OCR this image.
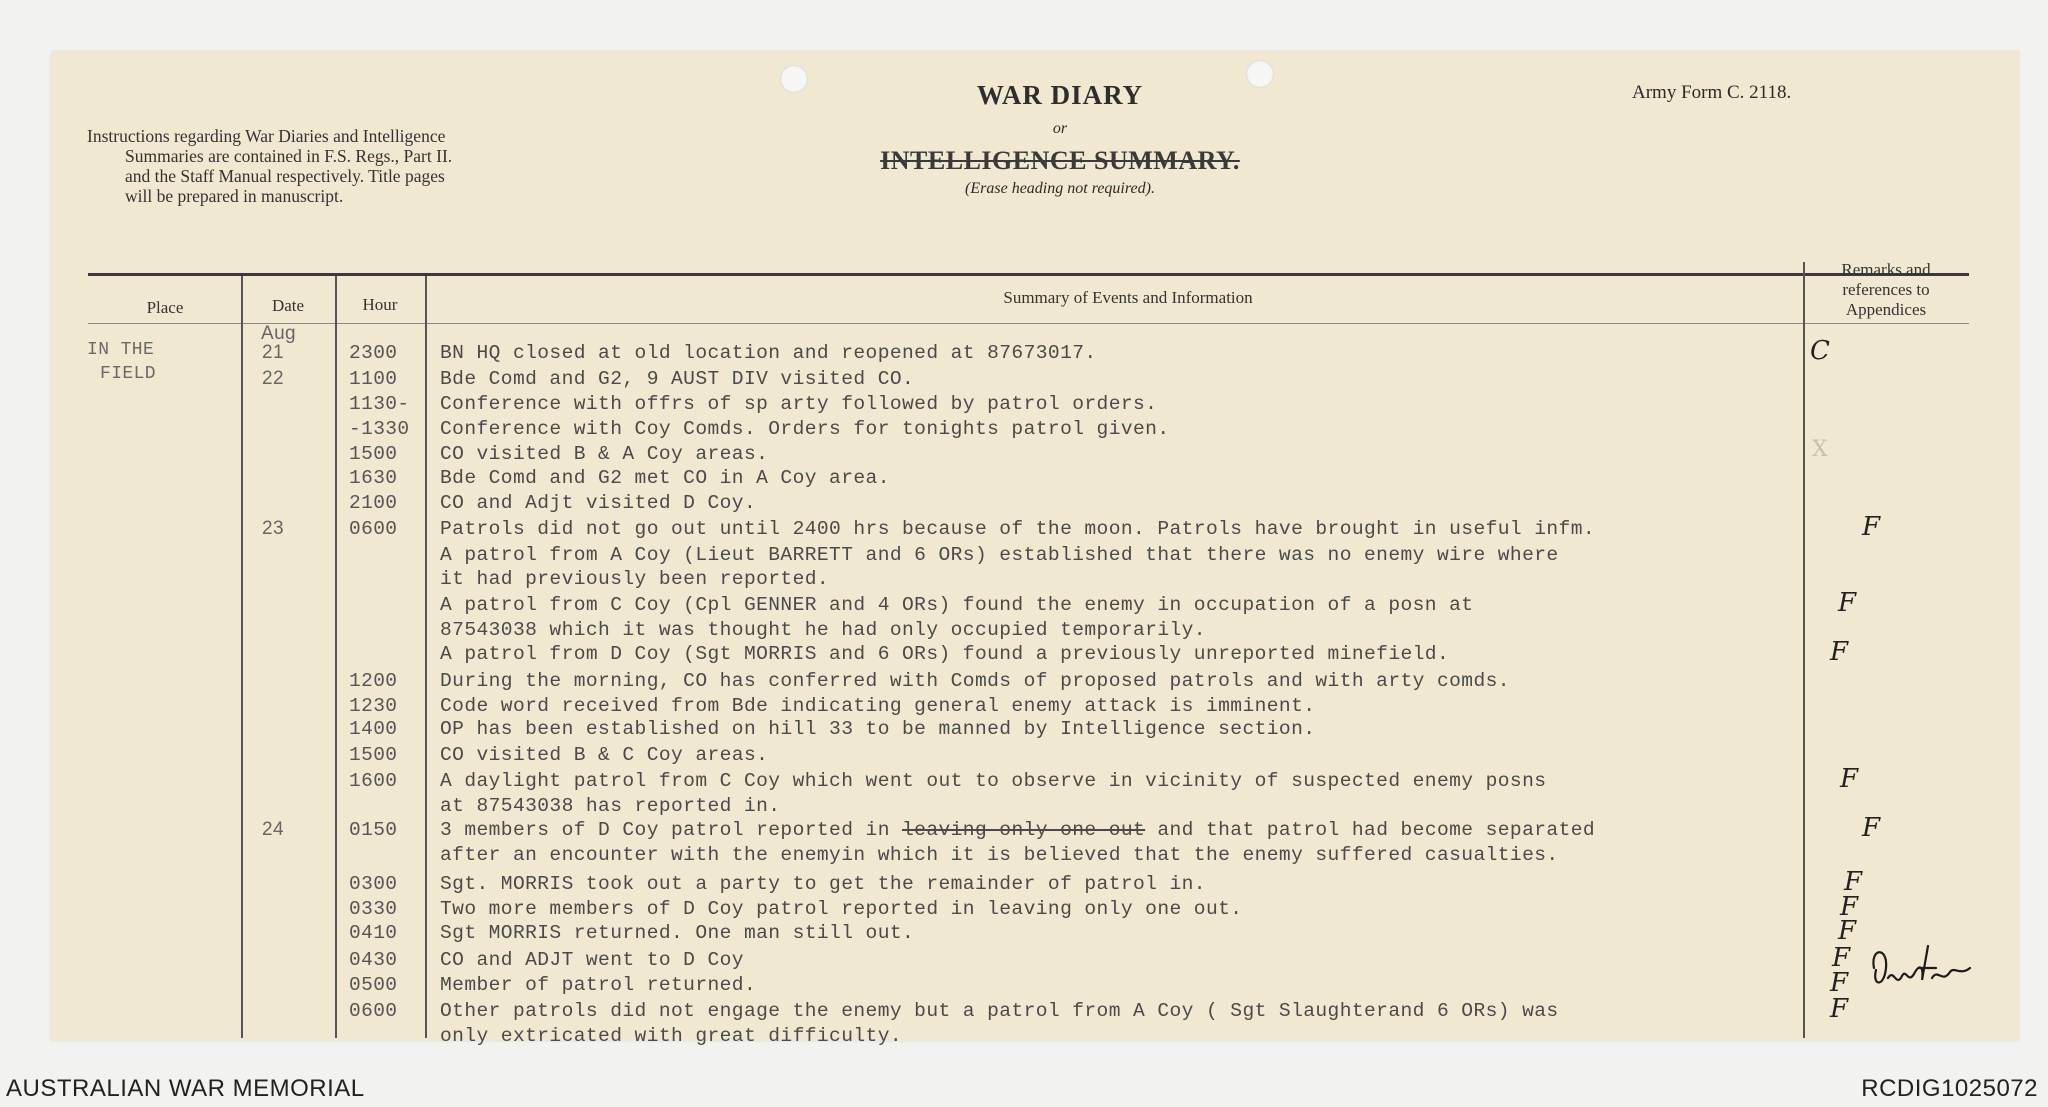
Instructions regarding War Diaries and Intelligence
Summaries are contained in F.S. Regs., Part II.
and the Staff Manual respectively. Title pages
will be prepared in manuscript.
WAR DIARY
or
INTELLIGENCE SUMMARY.
(Erase heading not required).
Army Form C. 2118.
Place	Date	Hour	Summary of Events and Information
Remarks and
references to
Appendices
IN THE
FIELD
Aug
21	2300 BN HQ closed at old location and reopened at 87673017.	C
22	1100 Bde Comd and G2, 9 AUST DIV visited CO.
1130- Conference with offrs of sp arty followed by patrol orders.
-1330 Conference with Coy Comds. Orders for tonights patrol given.
1500 CO visited B & A Coy areas.	X
1630 Bde Comd and G2 met CO in A Coy area.
2100 CO and Adjt visited D Coy.
23	0600 Patrols did not go out until 2400 hrs because of the moon. Patrols have brought in useful infm.	F
A patrol from A Coy (Lieut BARRETT and 6 ORs) established that there was no enemy wire where
it had previously been reported.
A patrol from C Coy (Cpl GENNER and 4 ORs) found the enemy in occupation of a posn at	F
87543038 which it was thought he had only occupied temporarily.
A patrol from D Coy (Sgt MORRIS and 6 ORs) found a previously unreported minefield.	F
1200 During the morning, CO has conferred with Comds of proposed patrols and with arty comds.
1230 Code word received from Bde indicating general enemy attack is imminent.
1400 OP has been established on hill 33 to be manned by Intelligence section.
1500 CO visited B & C Coy areas.
1600 A daylight patrol from C Coy which went out to observe in vicinity of suspected enemy posns	F
at 87543038 has reported in.
24	0150 3 members of D Coy patrol reported in leaving only one out and that patrol had become separated	F
after an encounter with the enemyin which it is believed that the enemy suffered casualties.
0300 Sgt. MORRIS took out a party to get the remainder of patrol in.	F
0330 Two more members of D Coy patrol reported in leaving only one out.	F
0410 Sgt MORRIS returned. One man still out.	F
0430 CO and ADJT went to D Coy	F
0500 Member of patrol returned.	F
0600 Other patrols did not engage the enemy but a patrol from A Coy ( Sgt Slaughterand 6 ORs) was	F
only extricated with great difficulty.
AUSTRALIAN WAR MEMORIAL	RCDIG1025072
